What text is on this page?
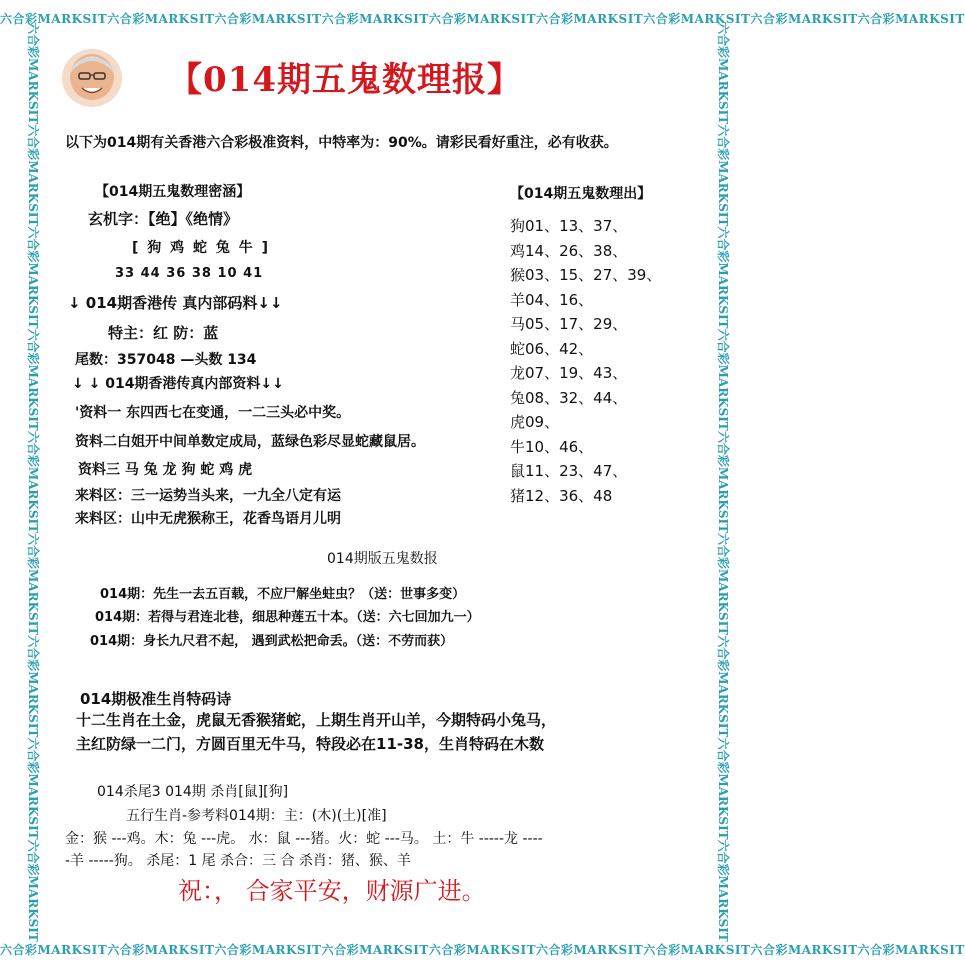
六合彩MARKSIT六合彩MARKSIT六合彩MARKSIT六合彩MARKSIT六合彩MARKSIT六合彩MARKSIT六合彩MARKSIT六合彩MARKSIT六合彩MARKSIT
六合彩MARKSIT六合彩MARKSIT六合彩MARKSIT六合彩MARKSIT六合彩MARKSIT六合彩MARKSIT六合彩MARKSIT六合彩MARKSIT六合彩MARKSIT
六合彩MARKSIT六合彩MARKSIT六合彩MARKSIT六合彩MARKSIT六合彩MARKSIT六合彩MARKSIT六合彩MARKSIT六合彩MARKSIT六合彩MARKSIT	六合彩MARKSIT六合彩MARKSIT六合彩MARKSIT六合彩MARKSIT六合彩MARKSIT六合彩MARKSIT六合彩MARKSIT六合彩MARKSIT六合彩MARKSIT
【014期五鬼数理报】
以下为014期有关香港六合彩极准资料，中特率为：90%。请彩民看好重注，必有收获。
【014期五鬼数理密涵】
玄机字：【绝】《绝情》
[ 狗 鸡 蛇 兔 牛 ]
33 44 36 38 10 41
↓ 014期香港传 真内部码料↓↓
特主：红 防：蓝
尾数：357048 —头数 134
↓ ↓ 014期香港传真内部资料↓↓
'资料一 东四西七在变通，一二三头必中奖。
资料二白姐开中间单数定成局，蓝绿色彩尽显蛇藏鼠居。
资料三 马 兔 龙 狗 蛇 鸡 虎
来料区：三一运势当头来，一九全八定有运
来料区：山中无虎猴称王，花香鸟语月儿明
【014期五鬼数理出】
狗01、13、37、
鸡14、26、38、
猴03、15、27、39、
羊04、16、
马05、17、29、
蛇06、42、
龙07、19、43、
兔08、32、44、
虎09、
牛10、46、
鼠11、23、47、
猪12、36、48
014期版五鬼数报
014期：先生一去五百载，不应尸解坐蛀虫？（送：世事多变）
014期：若得与君连北巷，细思种莲五十本。（送：六七回加九一）
014期：身长九尺君不起， 遇到武松把命丢。（送：不劳而获）
014期极准生肖特码诗
十二生肖在土金，虎鼠无香猴猪蛇，上期生肖开山羊，今期特码小兔马，
主红防绿一二门，方圆百里无牛马，特段必在11-38，生肖特码在木数
014杀尾3 014期 杀肖[鼠][狗]
五行生肖-参考料014期：主：(木)(土)[准]
金：猴 ---鸡。木：兔 ---虎。 水：鼠 ---猪。火：蛇 ---马。 土：牛 -----龙 ----
-羊 -----狗。 杀尾：1 尾 杀合：三 合 杀肖：猪、猴、羊
祝：， 合家平安，财源广进。
